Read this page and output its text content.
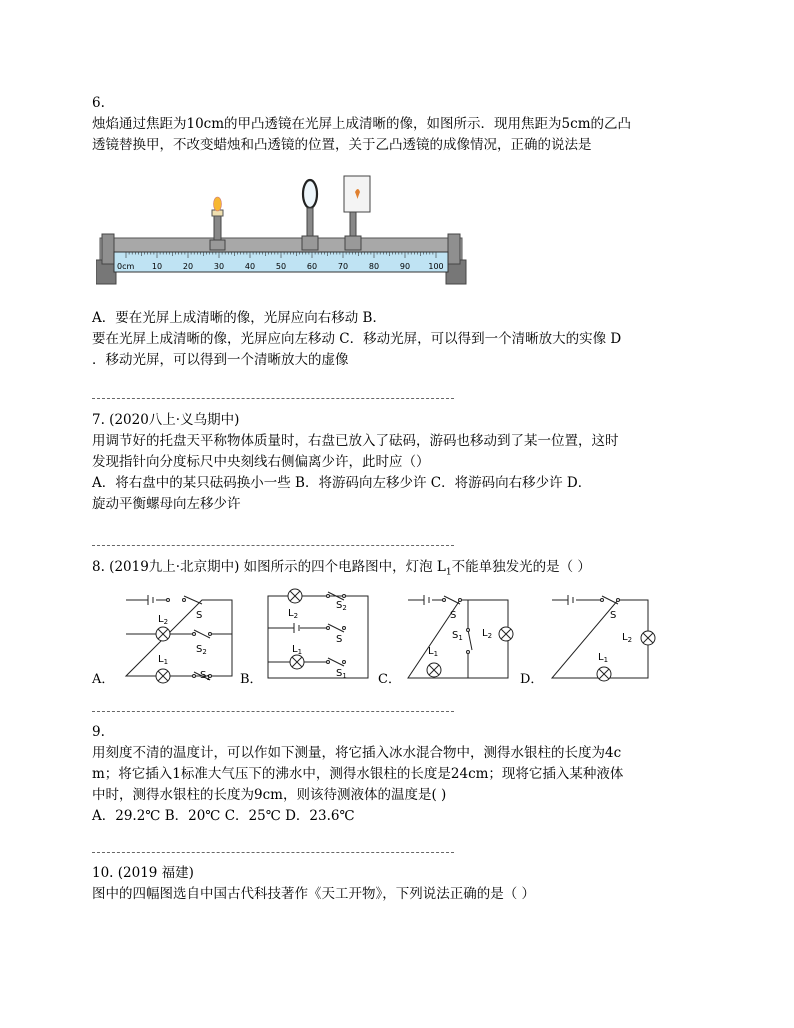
6.
烛焰通过焦距为10cm的甲凸透镜在光屏上成清晰的像，如图所示．现用焦距为5cm的乙凸
透镜替换甲，不改变蜡烛和凸透镜的位置，关于乙凸透镜的成像情况，正确的说法是
0cm 10	20	30	40	50	60	70	80	90 100
A．要在光屏上成清晰的像，光屏应向右移动 B．
要在光屏上成清晰的像，光屏应向左移动 C．移动光屏，可以得到一个清晰放大的实像 D
．移动光屏，可以得到一个清晰放大的虚像
7. (2020八上·义乌期中)
用调节好的托盘天平称物体质量时，右盘已放入了砝码，游码也移动到了某一位置，这时
发现指针向分度标尺中央刻线右侧偏离少许，此时应（）
A．将右盘中的某只砝码换小一些 B．将游码向左移少许 C．将游码向右移少许 D．
旋动平衡螺母向左移少许
8. (2019九上·北京期中) 如图所示的四个电路图中，灯泡 $L_1$不能单独发光的是（ ）
$L_2$
$L_1$
S
$S_2$
$S_1$
A．
$L_2$
$L_1$
$S_2$
S
$S_1$
B．
$L_1$
$L_2$
S
$S_1$
C．
$L_1$
$L_2$
S
D．
9.
用刻度不清的温度计，可以作如下测量，将它插入冰水混合物中，测得水银柱的长度为4c
m；将它插入1标准大气压下的沸水中，测得水银柱的长度是24cm；现将它插入某种液体
中时，测得水银柱的长度为9cm，则该待测液体的温度是( )
A．29.2℃ B．20℃ C．25℃ D．23.6℃
10. (2019 福建)
图中的四幅图选自中国古代科技著作《天工开物》，下列说法正确的是（ ）
